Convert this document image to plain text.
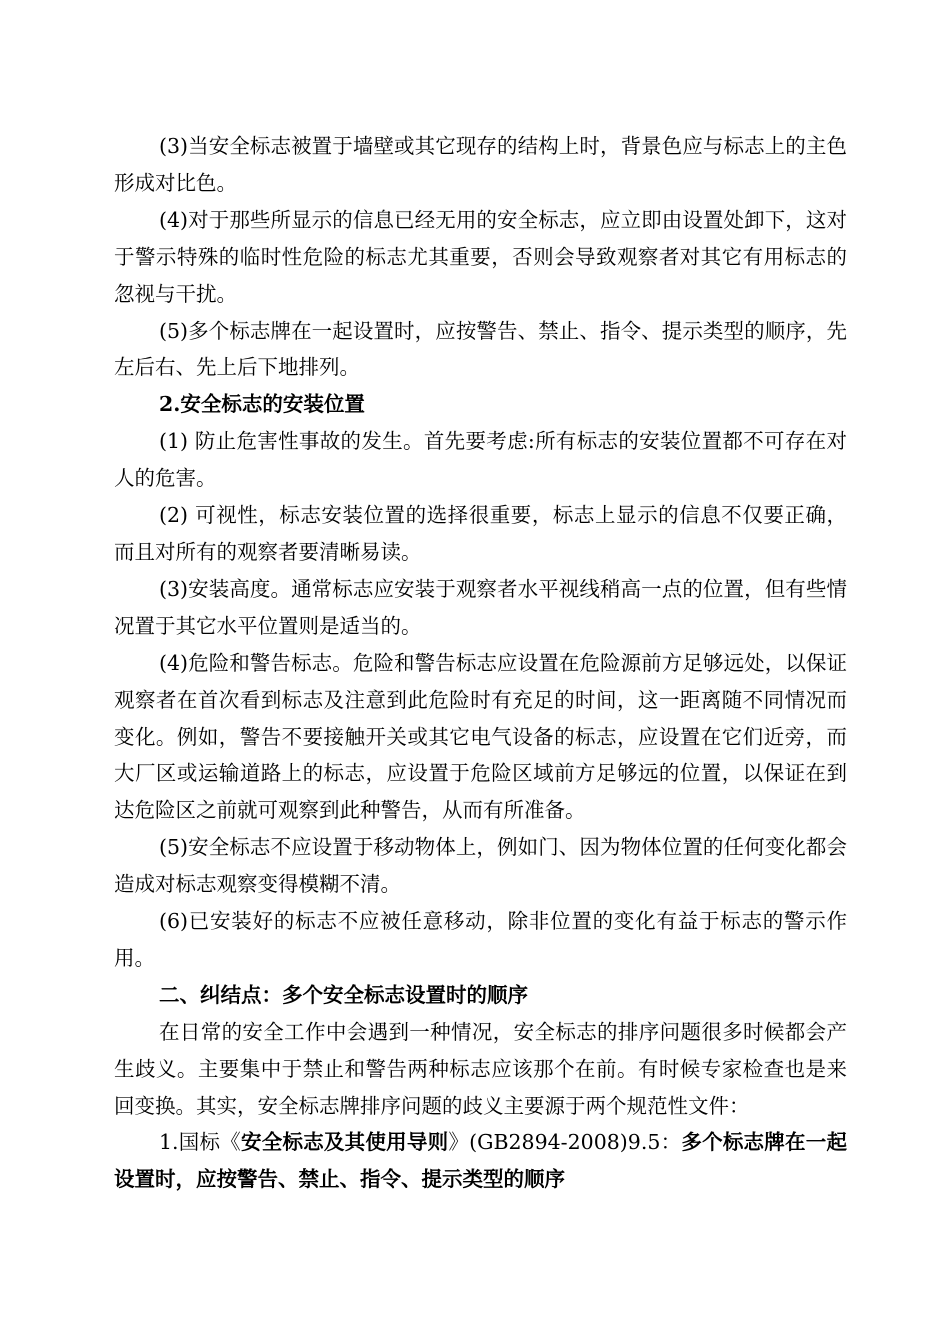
(3)当安全标志被置于墙壁或其它现存的结构上时，背景色应与标志上的主色形成对比色。

(4)对于那些所显示的信息已经无用的安全标志，应立即由设置处卸下，这对于警示特殊的临时性危险的标志尤其重要，否则会导致观察者对其它有用标志的忽视与干扰。

(5)多个标志牌在一起设置时，应按警告、禁止、指令、提示类型的顺序，先左后右、先上后下地排列。

2.安全标志的安装位置

(1) 防止危害性事故的发生。首先要考虑:所有标志的安装位置都不可存在对人的危害。

(2) 可视性，标志安装位置的选择很重要，标志上显示的信息不仅要正确，而且对所有的观察者要清晰易读。

(3)安装高度。通常标志应安装于观察者水平视线稍高一点的位置，但有些情况置于其它水平位置则是适当的。

(4)危险和警告标志。危险和警告标志应设置在危险源前方足够远处，以保证观察者在首次看到标志及注意到此危险时有充足的时间，这一距离随不同情况而变化。例如，警告不要接触开关或其它电气设备的标志，应设置在它们近旁，而大厂区或运输道路上的标志，应设置于危险区域前方足够远的位置，以保证在到达危险区之前就可观察到此种警告，从而有所准备。

(5)安全标志不应设置于移动物体上，例如门、因为物体位置的任何变化都会造成对标志观察变得模糊不清。

(6)已安装好的标志不应被任意移动，除非位置的变化有益于标志的警示作用。

二、纠结点：多个安全标志设置时的顺序

在日常的安全工作中会遇到一种情况，安全标志的排序问题很多时候都会产生歧义。主要集中于禁止和警告两种标志应该那个在前。有时候专家检查也是来回变换。其实，安全标志牌排序问题的歧义主要源于两个规范性文件：

1.国标《安全标志及其使用导则》(GB2894-2008)9.5：多个标志牌在一起设置时，应按警告、禁止、指令、提示类型的顺序
